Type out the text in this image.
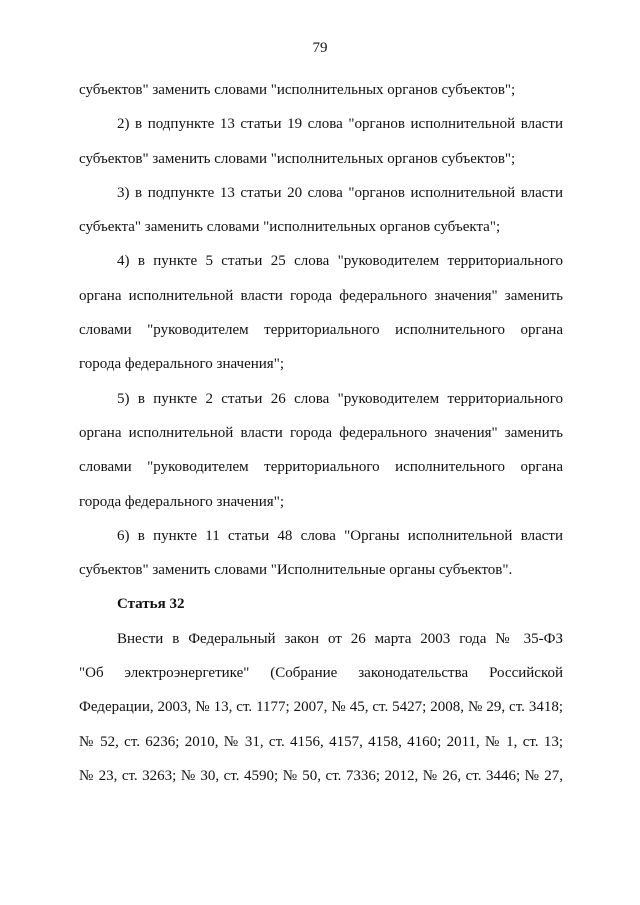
79
субъектов" заменить словами "исполнительных органов субъектов";
2) в подпункте 13 статьи 19 слова "органов исполнительной власти
субъектов" заменить словами "исполнительных органов субъектов";
3) в подпункте 13 статьи 20 слова "органов исполнительной власти
субъекта" заменить словами "исполнительных органов субъекта";
4) в пункте 5 статьи 25 слова "руководителем территориального
органа исполнительной власти города федерального значения" заменить
словами "руководителем территориального исполнительного органа
города федерального значения";
5) в пункте 2 статьи 26 слова "руководителем территориального
органа исполнительной власти города федерального значения" заменить
словами "руководителем территориального исполнительного органа
города федерального значения";
6) в пункте 11 статьи 48 слова "Органы исполнительной власти
субъектов" заменить словами "Исполнительные органы субъектов".
Статья 32
Внести в Федеральный закон от 26 марта 2003 года № 35-ФЗ
"Об электроэнергетике" (Собрание законодательства Российской
Федерации, 2003, № 13, ст. 1177; 2007, № 45, ст. 5427; 2008, № 29, ст. 3418;
№ 52, ст. 6236; 2010, № 31, ст. 4156, 4157, 4158, 4160; 2011, № 1, ст. 13;
№ 23, ст. 3263; № 30, ст. 4590; № 50, ст. 7336; 2012, № 26, ст. 3446; № 27,
